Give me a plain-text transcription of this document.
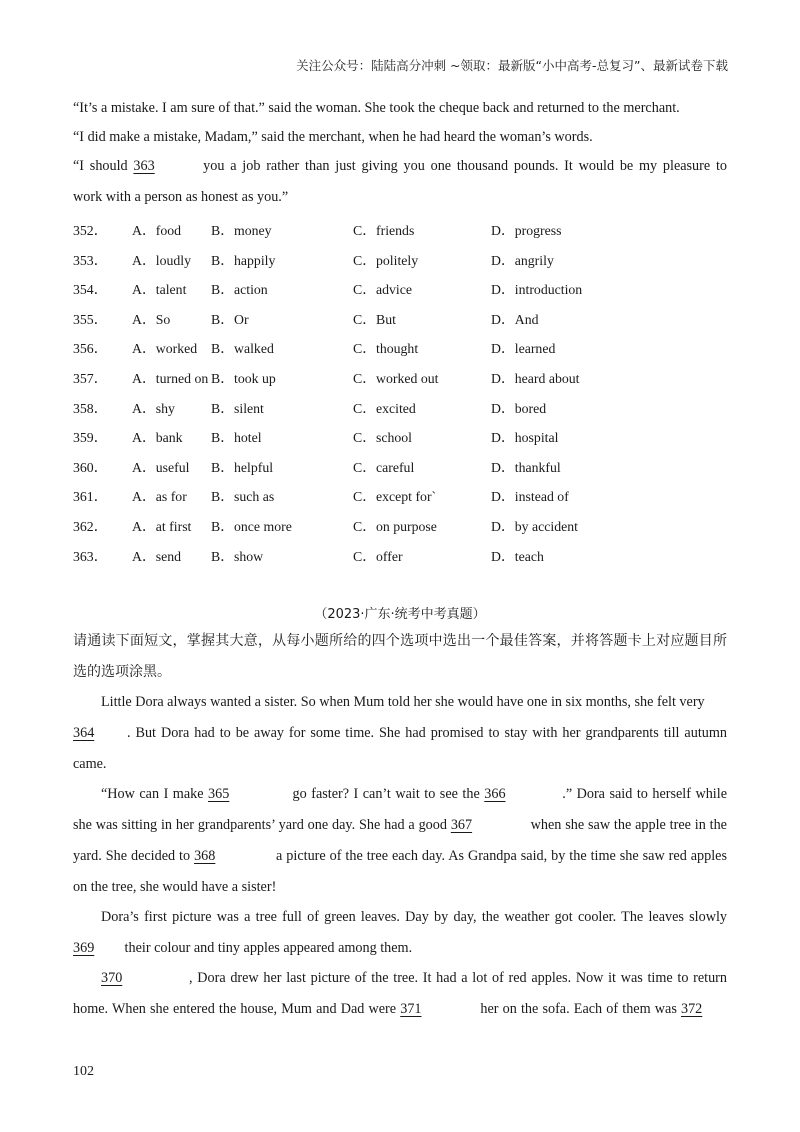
关注公众号：陆陆高分冲刺 ~领取：最新版“小中高考-总复习”、最新试卷下载
“It’s a mistake. I am sure of that.” said the woman. She took the cheque back and returned to the merchant.
“I did make a mistake, Madam,” said the merchant, when he had heard the woman’s words.
“I should 363	you a job rather than just giving you one thousand pounds. It would be my pleasure to
work with a person as honest as you.”
352． A．food B．money	C．friends	D．progress
353． A．loudly B．happily	C．politely	D．angrily
354． A．talent B．action	C．advice	D．introduction
355． A．So	B．Or	C．But	D．And
356． A．worked B．walked	C．thought	D．learned
357． A．turned on B．took up	C．worked out	D．heard about
358． A．shy	B．silent	C．excited	D．bored
359． A．bank B．hotel	C．school	D．hospital
360． A．useful B．helpful	C．careful	D．thankful
361． A．as for B．such as	C．except for`	D．instead of
362． A．at first B．once more	C．on purpose	D．by accident
363． A．send B．show	C．offer	D．teach
（2023·广东·统考中考真题）
请通读下面短文，掌握其大意，从每小题所给的四个选项中选出一个最佳答案，并将答题卡上对应题目所
选的选项涂黑。
Little Dora always wanted a sister. So when Mum told her she would have one in six months, she felt very
364 . But Dora had to be away for some time. She had promised to stay with her grandparents till autumn
came.
“How can I make 365	go faster? I can’t wait to see the 366	.” Dora said to herself while
she was sitting in her grandparents’ yard one day. She had a good 367	when she saw the apple tree in the
yard. She decided to 368	a picture of the tree each day. As Grandpa said, by the time she saw red apples
on the tree, she would have a sister!
Dora’s first picture was a tree full of green leaves. Day by day, the weather got cooler. The leaves slowly
369 their colour and tiny apples appeared among them.
370	, Dora drew her last picture of the tree. It had a lot of red apples. Now it was time to return
home. When she entered the house, Mum and Dad were 371	her on the sofa. Each of them was 372
102
